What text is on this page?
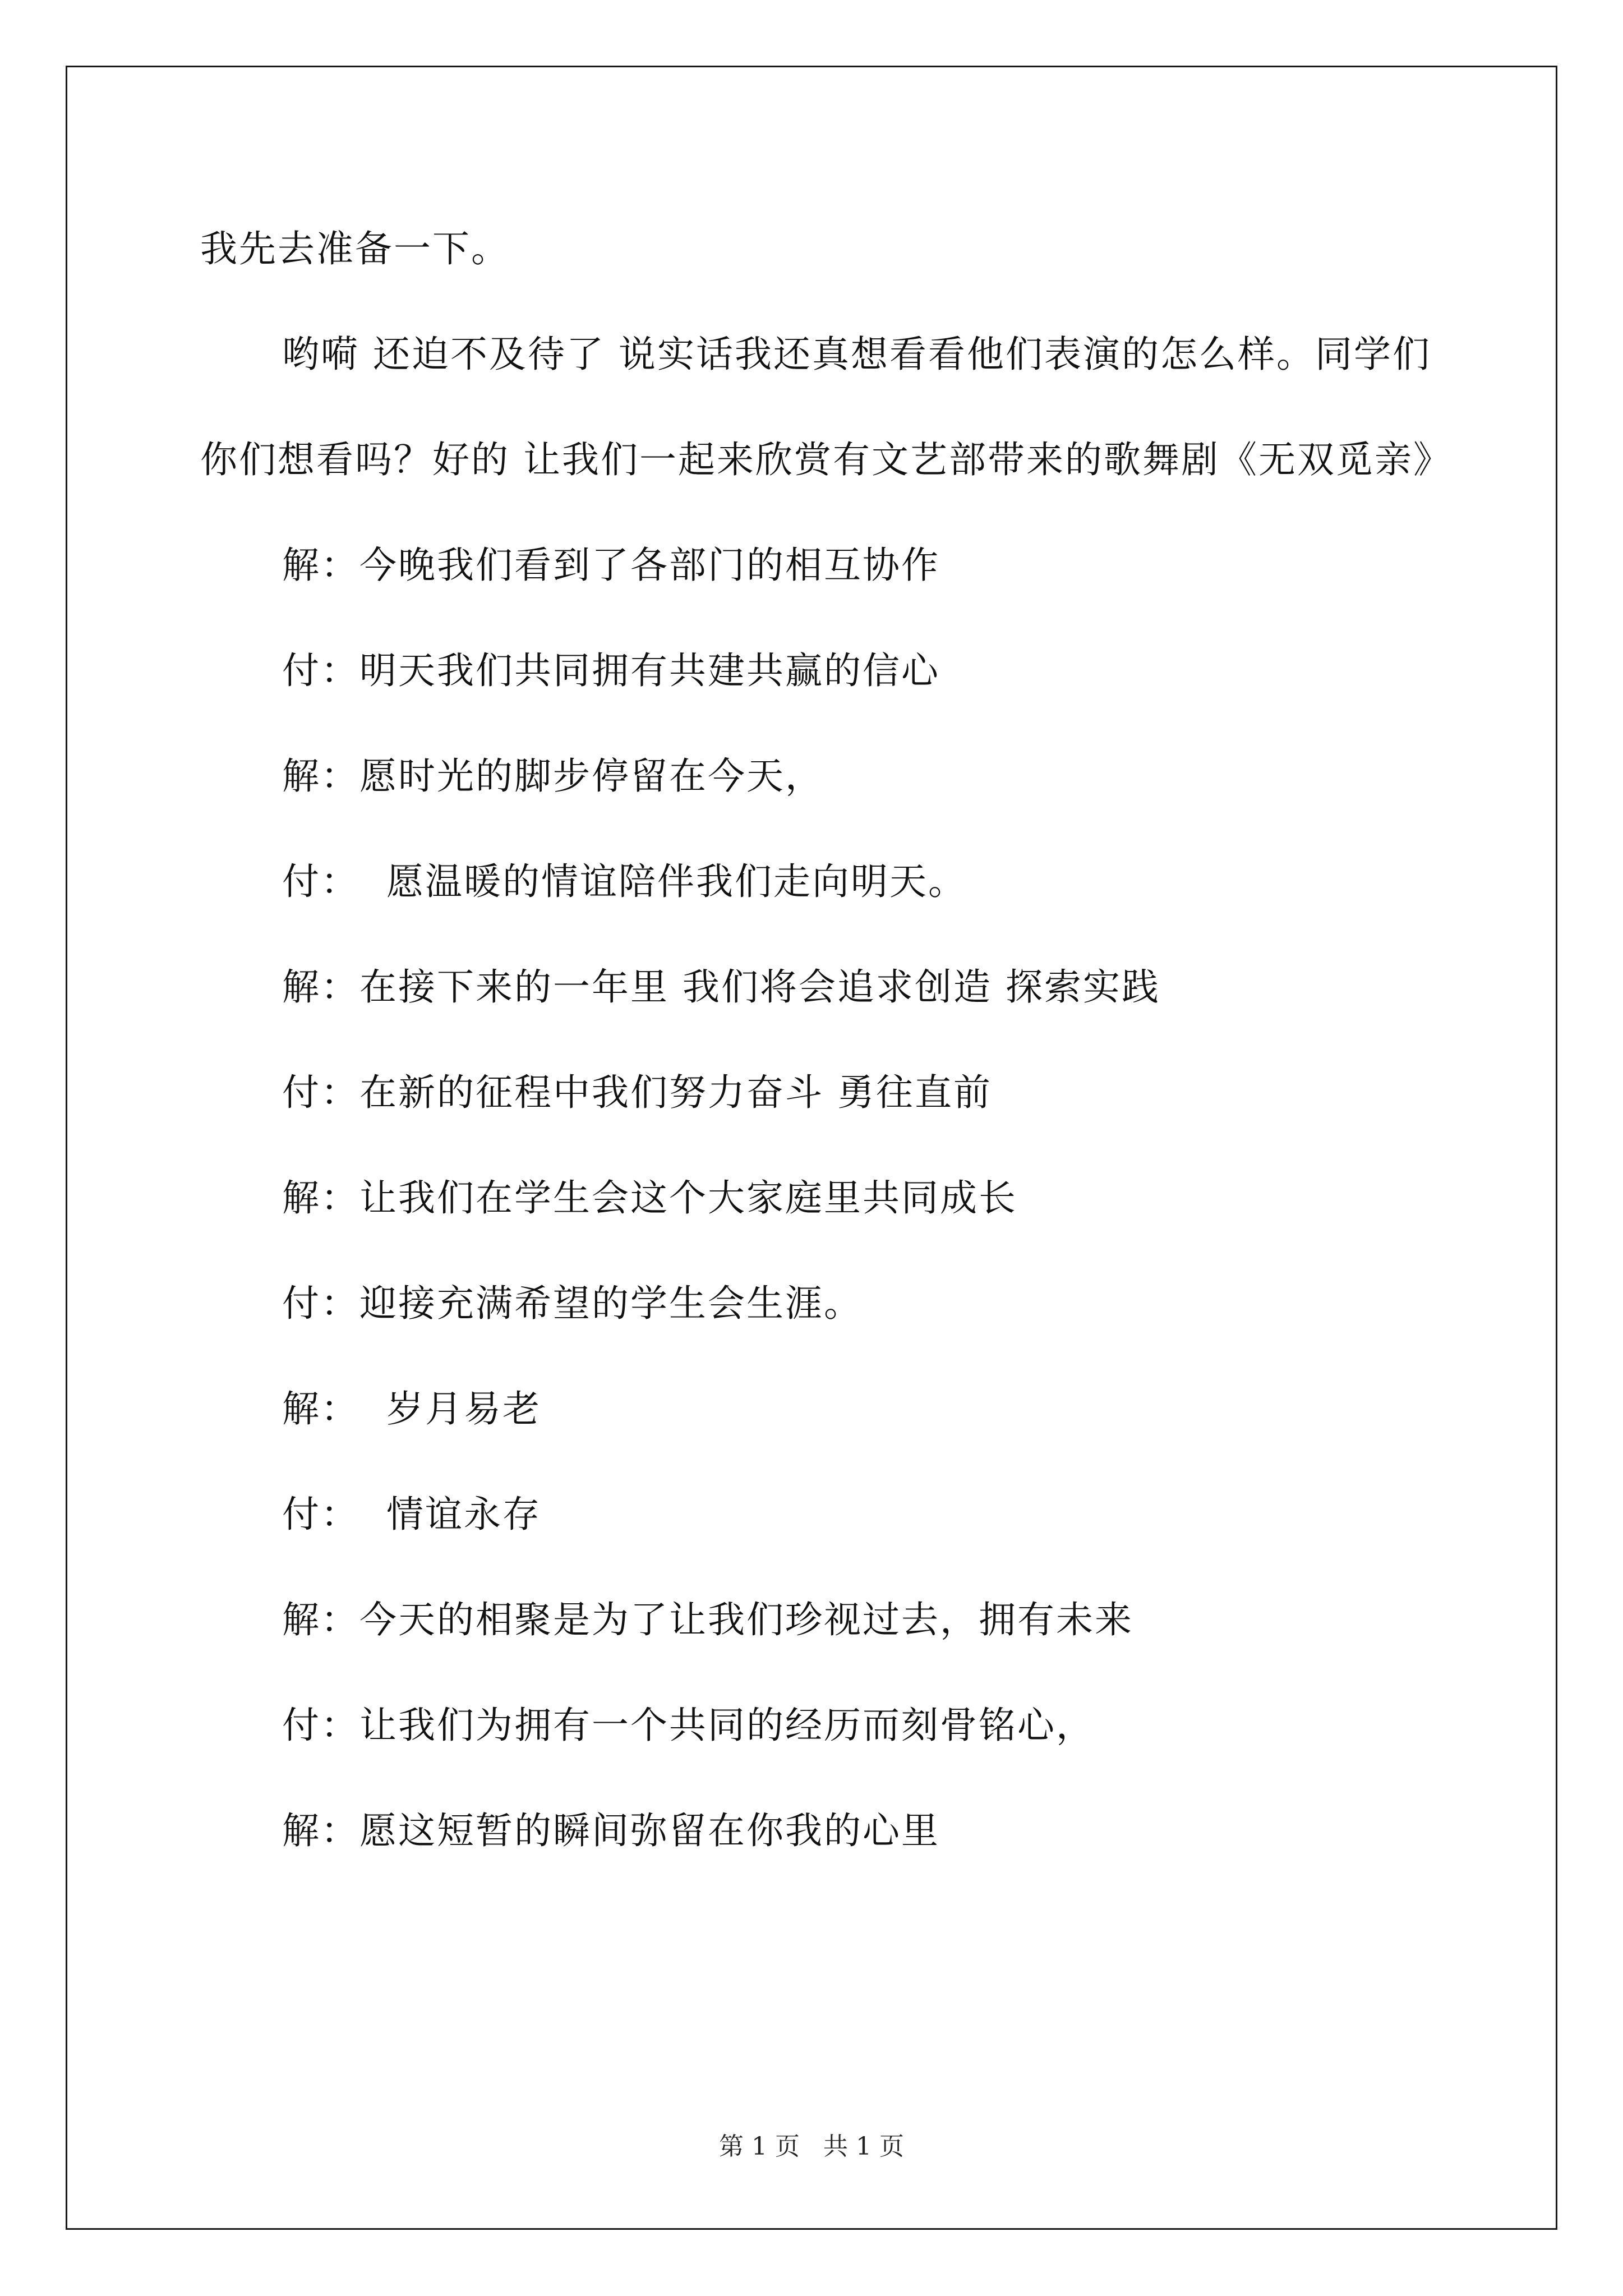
我先去准备一下。

哟嗬 还迫不及待了 说实话我还真想看看他们表演的怎么样。同学们你们想看吗？好的 让我们一起来欣赏有文艺部带来的歌舞剧《无双觅亲》

解：今晚我们看到了各部门的相互协作

付：明天我们共同拥有共建共赢的信心

解：愿时光的脚步停留在今天，

付：  愿温暖的情谊陪伴我们走向明天。

解：在接下来的一年里 我们将会追求创造 探索实践

付：在新的征程中我们努力奋斗 勇往直前

解：让我们在学生会这个大家庭里共同成长

付：迎接充满希望的学生会生涯。

解：  岁月易老

付：  情谊永存

解：今天的相聚是为了让我们珍视过去，拥有未来

付：让我们为拥有一个共同的经历而刻骨铭心，

解：愿这短暂的瞬间弥留在你我的心里

第 1 页   共 1 页
